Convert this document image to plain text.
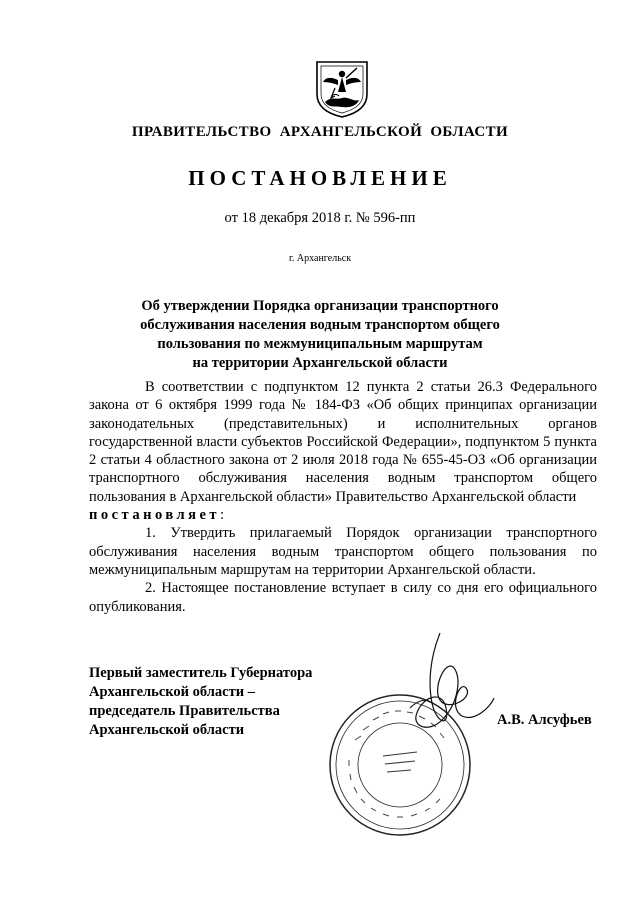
ПРАВИТЕЛЬСТВО АРХАНГЕЛЬСКОЙ ОБЛАСТИ
ПОСТАНОВЛЕНИЕ
от 18 декабря 2018 г. № 596-пп
г. Архангельск
Об утверждении Порядка организации транспортного
обслуживания населения водным транспортом общего
пользования по межмуниципальным маршрутам
на территории Архангельской области

В соответствии с подпунктом 12 пункта 2 статьи 26.3 Федерального закона от 6 октября 1999 года № 184-ФЗ «Об общих принципах организации законодательных (представительных) и исполнительных органов государственной власти субъектов Российской Федерации», подпунктом 5 пункта 2 статьи 4 областного закона от 2 июля 2018 года № 655-45-ОЗ «Об организации транспортного обслуживания населения водным транспортом общего пользования в Архангельской области» Правительство Архангельской области

постановляет:

1. Утвердить прилагаемый Порядок организации транспортного обслуживания населения водным транспортом общего пользования по межмуниципальным маршрутам на территории Архангельской области.

2. Настоящее постановление вступает в силу со дня его официального опубликования.

Первый заместитель Губернатора
Архангельской области –
председатель Правительства
Архангельской области
А.В. Алсуфьев
